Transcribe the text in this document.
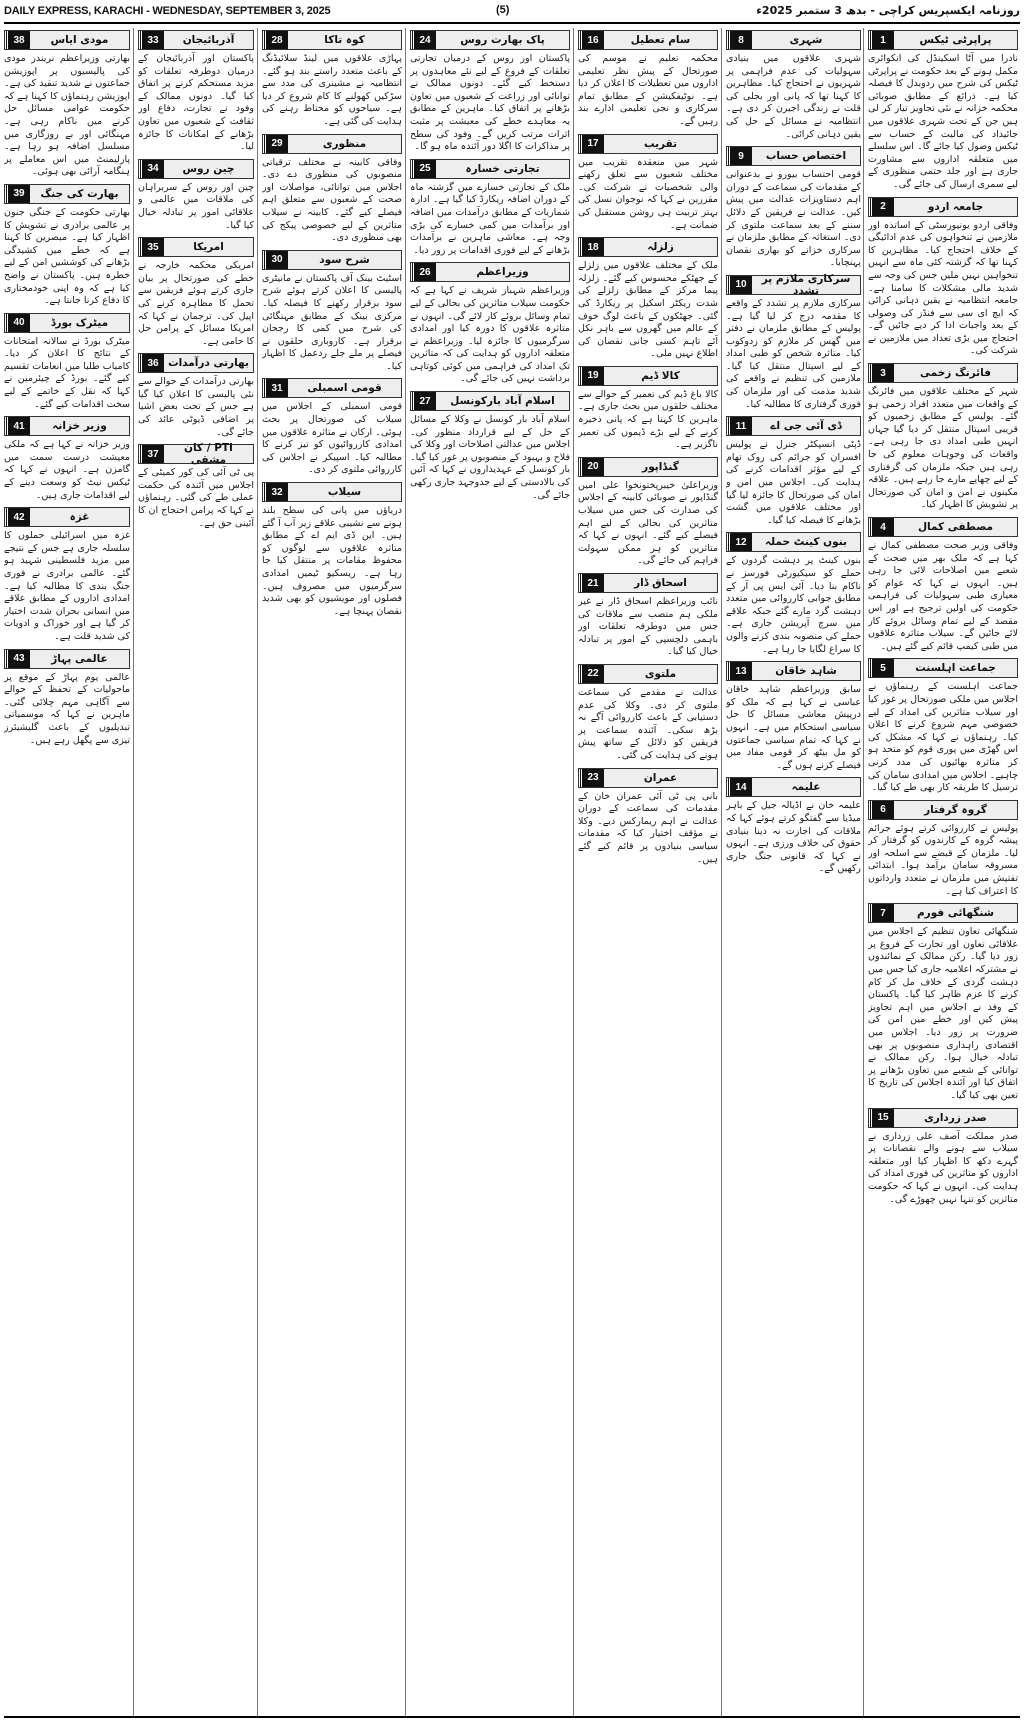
DAILY EXPRESS, KARACHI - WEDNESDAY, SEPTEMBER 3, 2025	(5)	روزنامہ ایکسپریس کراچی - بدھ 3 ستمبر 2025ء
پراپرٹی ٹیکس
1

نادرا میں آٹا اسکینڈل کی انکوائری مکمل ہونے کے بعد حکومت نے پراپرٹی ٹیکس کی شرح میں ردوبدل کا فیصلہ کیا ہے۔ ذرائع کے مطابق صوبائی محکمہ خزانہ نے نئی تجاویز تیار کر لی ہیں جن کے تحت شہری علاقوں میں جائیداد کی مالیت کے حساب سے ٹیکس وصول کیا جائے گا۔ اس سلسلے میں متعلقہ اداروں سے مشاورت جاری ہے اور جلد حتمی منظوری کے لیے سمری ارسال کی جائے گی۔

جامعہ اردو
2

وفاقی اردو یونیورسٹی کے اساتذہ اور ملازمین نے تنخواہوں کی عدم ادائیگی کے خلاف احتجاج کیا۔ مظاہرین کا کہنا تھا کہ گزشتہ کئی ماہ سے انہیں تنخواہیں نہیں ملیں جس کی وجہ سے شدید مالی مشکلات کا سامنا ہے۔ جامعہ انتظامیہ نے یقین دہانی کرائی کہ ایچ ای سی سے فنڈز کی وصولی کے بعد واجبات ادا کر دیے جائیں گے۔ احتجاج میں بڑی تعداد میں ملازمین نے شرکت کی۔

فائرنگ زخمی
3

شہر کے مختلف علاقوں میں فائرنگ کے واقعات میں متعدد افراد زخمی ہو گئے۔ پولیس کے مطابق زخمیوں کو قریبی اسپتال منتقل کر دیا گیا جہاں انہیں طبی امداد دی جا رہی ہے۔ واقعات کی وجوہات معلوم کی جا رہی ہیں جبکہ ملزمان کی گرفتاری کے لیے چھاپے مارے جا رہے ہیں۔ علاقہ مکینوں نے امن و امان کی صورتحال پر تشویش کا اظہار کیا۔

مصطفی کمال
4

وفاقی وزیر صحت مصطفی کمال نے کہا ہے کہ ملک بھر میں صحت کے شعبے میں اصلاحات لائی جا رہی ہیں۔ انہوں نے کہا کہ عوام کو معیاری طبی سہولیات کی فراہمی حکومت کی اولین ترجیح ہے اور اس مقصد کے لیے تمام وسائل بروئے کار لائے جائیں گے۔ سیلاب متاثرہ علاقوں میں طبی کیمپ قائم کیے گئے ہیں۔

جماعت اہلسنت
5

جماعت اہلسنت کے رہنماؤں نے اجلاس میں ملکی صورتحال پر غور کیا اور سیلاب متاثرین کی امداد کے لیے خصوصی مہم شروع کرنے کا اعلان کیا۔ رہنماؤں نے کہا کہ مشکل کی اس گھڑی میں پوری قوم کو متحد ہو کر متاثرہ بھائیوں کی مدد کرنی چاہیے۔ اجلاس میں امدادی سامان کی ترسیل کا طریقہ کار بھی طے کیا گیا۔

گروہ گرفتار
6

پولیس نے کارروائی کرتے ہوئے جرائم پیشہ گروہ کے کارندوں کو گرفتار کر لیا۔ ملزمان کے قبضے سے اسلحہ اور مسروقہ سامان برآمد ہوا۔ ابتدائی تفتیش میں ملزمان نے متعدد وارداتوں کا اعتراف کیا ہے۔

شنگھائی فورم
7

شنگھائی تعاون تنظیم کے اجلاس میں علاقائی تعاون اور تجارت کے فروغ پر زور دیا گیا۔ رکن ممالک کے نمائندوں نے مشترکہ اعلامیہ جاری کیا جس میں دہشت گردی کے خلاف مل کر کام کرنے کا عزم ظاہر کیا گیا۔ پاکستان کے وفد نے اجلاس میں اہم تجاویز پیش کیں اور خطے میں امن کی ضرورت پر زور دیا۔ اجلاس میں اقتصادی راہداری منصوبوں پر بھی تبادلہ خیال ہوا۔ رکن ممالک نے توانائی کے شعبے میں تعاون بڑھانے پر اتفاق کیا اور آئندہ اجلاس کی تاریخ کا تعین بھی کیا گیا۔

صدر زرداری
15

صدر مملکت آصف علی زرداری نے سیلاب سے ہونے والے نقصانات پر گہرے دکھ کا اظہار کیا اور متعلقہ اداروں کو متاثرین کی فوری امداد کی ہدایت کی۔ انہوں نے کہا کہ حکومت متاثرین کو تنہا نہیں چھوڑے گی۔

شہری
8

شہری علاقوں میں بنیادی سہولیات کی عدم فراہمی پر شہریوں نے احتجاج کیا۔ مظاہرین کا کہنا تھا کہ پانی اور بجلی کی قلت نے زندگی اجیرن کر دی ہے۔ انتظامیہ نے مسائل کے حل کی یقین دہانی کرائی۔

اختصاص حساب
9

قومی احتساب بیورو نے بدعنوانی کے مقدمات کی سماعت کے دوران اہم دستاویزات عدالت میں پیش کیں۔ عدالت نے فریقین کے دلائل سننے کے بعد سماعت ملتوی کر دی۔ استغاثہ کے مطابق ملزمان نے سرکاری خزانے کو بھاری نقصان پہنچایا۔

سرکاری ملازم پر تشدد
10

سرکاری ملازم پر تشدد کے واقعے کا مقدمہ درج کر لیا گیا ہے۔ پولیس کے مطابق ملزمان نے دفتر میں گھس کر ملازم کو زدوکوب کیا۔ متاثرہ شخص کو طبی امداد کے لیے اسپتال منتقل کیا گیا۔ ملازمین کی تنظیم نے واقعے کی شدید مذمت کی اور ملزمان کی فوری گرفتاری کا مطالبہ کیا۔

ڈی آئی جی اے
11

ڈپٹی انسپکٹر جنرل نے پولیس افسران کو جرائم کی روک تھام کے لیے مؤثر اقدامات کرنے کی ہدایت کی۔ اجلاس میں امن و امان کی صورتحال کا جائزہ لیا گیا اور مختلف علاقوں میں گشت بڑھانے کا فیصلہ کیا گیا۔

بنوں کینٹ حملہ
12

بنوں کینٹ پر دہشت گردوں کے حملے کو سیکیورٹی فورسز نے ناکام بنا دیا۔ آئی ایس پی آر کے مطابق جوابی کارروائی میں متعدد دہشت گرد مارے گئے جبکہ علاقے میں سرچ آپریشن جاری ہے۔ حملے کی منصوبہ بندی کرنے والوں کا سراغ لگایا جا رہا ہے۔

شاہد خاقان
13

سابق وزیراعظم شاہد خاقان عباسی نے کہا ہے کہ ملک کو درپیش معاشی مسائل کا حل سیاسی استحکام میں ہے۔ انہوں نے کہا کہ تمام سیاسی جماعتوں کو مل بیٹھ کر قومی مفاد میں فیصلے کرنے ہوں گے۔

علیمہ
14

علیمہ خان نے اڈیالہ جیل کے باہر میڈیا سے گفتگو کرتے ہوئے کہا کہ ملاقات کی اجازت نہ دینا بنیادی حقوق کی خلاف ورزی ہے۔ انہوں نے کہا کہ قانونی جنگ جاری رکھیں گے۔

سام تعطیل
16

محکمہ تعلیم نے موسم کی صورتحال کے پیش نظر تعلیمی اداروں میں تعطیلات کا اعلان کر دیا ہے۔ نوٹیفکیشن کے مطابق تمام سرکاری و نجی تعلیمی ادارے بند رہیں گے۔

تقریب
17

شہر میں منعقدہ تقریب میں مختلف شعبوں سے تعلق رکھنے والی شخصیات نے شرکت کی۔ مقررین نے کہا کہ نوجوان نسل کی بہتر تربیت ہی روشن مستقبل کی ضمانت ہے۔

زلزلہ
18

ملک کے مختلف علاقوں میں زلزلے کے جھٹکے محسوس کیے گئے۔ زلزلہ پیما مرکز کے مطابق زلزلے کی شدت ریکٹر اسکیل پر ریکارڈ کی گئی۔ جھٹکوں کے باعث لوگ خوف کے عالم میں گھروں سے باہر نکل آئے تاہم کسی جانی نقصان کی اطلاع نہیں ملی۔

کالا ڈیم
19

کالا باغ ڈیم کی تعمیر کے حوالے سے مختلف حلقوں میں بحث جاری ہے۔ ماہرین کا کہنا ہے کہ پانی ذخیرہ کرنے کے لیے بڑے ڈیموں کی تعمیر ناگزیر ہے۔

گنڈاپور
20

وزیراعلیٰ خیبرپختونخوا علی امین گنڈاپور نے صوبائی کابینہ کے اجلاس کی صدارت کی جس میں سیلاب متاثرین کی بحالی کے لیے اہم فیصلے کیے گئے۔ انہوں نے کہا کہ متاثرین کو ہر ممکن سہولت فراہم کی جائے گی۔

اسحاق ڈار
21

نائب وزیراعظم اسحاق ڈار نے غیر ملکی ہم منصب سے ملاقات کی جس میں دوطرفہ تعلقات اور باہمی دلچسپی کے امور پر تبادلہ خیال کیا گیا۔

ملتوی
22

عدالت نے مقدمے کی سماعت ملتوی کر دی۔ وکلا کی عدم دستیابی کے باعث کارروائی آگے نہ بڑھ سکی۔ آئندہ سماعت پر فریقین کو دلائل کے ساتھ پیش ہونے کی ہدایت کی گئی۔

عمران
23

بانی پی ٹی آئی عمران خان کے مقدمات کی سماعت کے دوران عدالت نے اہم ریمارکس دیے۔ وکلا نے مؤقف اختیار کیا کہ مقدمات سیاسی بنیادوں پر قائم کیے گئے ہیں۔

پاک بھارت روس
24

پاکستان اور روس کے درمیان تجارتی تعلقات کے فروغ کے لیے نئے معاہدوں پر دستخط کیے گئے۔ دونوں ممالک نے توانائی اور زراعت کے شعبوں میں تعاون بڑھانے پر اتفاق کیا۔ ماہرین کے مطابق یہ معاہدے خطے کی معیشت پر مثبت اثرات مرتب کریں گے۔ وفود کی سطح پر مذاکرات کا اگلا دور آئندہ ماہ ہو گا۔

تجارتی خسارہ
25

ملک کے تجارتی خسارے میں گزشتہ ماہ کے دوران اضافہ ریکارڈ کیا گیا ہے۔ ادارہ شماریات کے مطابق درآمدات میں اضافہ اور برآمدات میں کمی خسارے کی بڑی وجہ ہے۔ معاشی ماہرین نے برآمدات بڑھانے کے لیے فوری اقدامات پر زور دیا۔

وزیراعظم
26

وزیراعظم شہباز شریف نے کہا ہے کہ حکومت سیلاب متاثرین کی بحالی کے لیے تمام وسائل بروئے کار لائے گی۔ انہوں نے متاثرہ علاقوں کا دورہ کیا اور امدادی سرگرمیوں کا جائزہ لیا۔ وزیراعظم نے متعلقہ اداروں کو ہدایت کی کہ متاثرین تک امداد کی فراہمی میں کوئی کوتاہی برداشت نہیں کی جائے گی۔

اسلام آباد بارکونسل
27

اسلام آباد بار کونسل نے وکلا کے مسائل کے حل کے لیے قرارداد منظور کی۔ اجلاس میں عدالتی اصلاحات اور وکلا کی فلاح و بہبود کے منصوبوں پر غور کیا گیا۔ بار کونسل کے عہدیداروں نے کہا کہ آئین کی بالادستی کے لیے جدوجہد جاری رکھی جائے گی۔

کوہ تاکا
28

پہاڑی علاقوں میں لینڈ سلائیڈنگ کے باعث متعدد راستے بند ہو گئے۔ انتظامیہ نے مشینری کی مدد سے سڑکیں کھولنے کا کام شروع کر دیا ہے۔ سیاحوں کو محتاط رہنے کی ہدایت کی گئی ہے۔

منظوری
29

وفاقی کابینہ نے مختلف ترقیاتی منصوبوں کی منظوری دے دی۔ اجلاس میں توانائی، مواصلات اور صحت کے شعبوں سے متعلق اہم فیصلے کیے گئے۔ کابینہ نے سیلاب متاثرین کے لیے خصوصی پیکج کی بھی منظوری دی۔

شرح سود
30

اسٹیٹ بینک آف پاکستان نے مانیٹری پالیسی کا اعلان کرتے ہوئے شرح سود برقرار رکھنے کا فیصلہ کیا۔ مرکزی بینک کے مطابق مہنگائی کی شرح میں کمی کا رجحان برقرار ہے۔ کاروباری حلقوں نے فیصلے پر ملے جلے ردعمل کا اظہار کیا۔

قومی اسمبلی
31

قومی اسمبلی کے اجلاس میں سیلاب کی صورتحال پر بحث ہوئی۔ ارکان نے متاثرہ علاقوں میں امدادی کارروائیوں کو تیز کرنے کا مطالبہ کیا۔ اسپیکر نے اجلاس کی کارروائی ملتوی کر دی۔

سیلاب
32

دریاؤں میں پانی کی سطح بلند ہونے سے نشیبی علاقے زیر آب آ گئے ہیں۔ این ڈی ایم اے کے مطابق متاثرہ علاقوں سے لوگوں کو محفوظ مقامات پر منتقل کیا جا رہا ہے۔ ریسکیو ٹیمیں امدادی سرگرمیوں میں مصروف ہیں۔ فصلوں اور مویشیوں کو بھی شدید نقصان پہنچا ہے۔

آذربائیجان
33

پاکستان اور آذربائیجان کے درمیان دوطرفہ تعلقات کو مزید مستحکم کرنے پر اتفاق کیا گیا۔ دونوں ممالک کے وفود نے تجارت، دفاع اور ثقافت کے شعبوں میں تعاون بڑھانے کے امکانات کا جائزہ لیا۔

چین روس
34

چین اور روس کے سربراہان کی ملاقات میں عالمی و علاقائی امور پر تبادلہ خیال کیا گیا۔

امریکا
35

امریکی محکمہ خارجہ نے خطے کی صورتحال پر بیان جاری کرتے ہوئے فریقین سے تحمل کا مظاہرہ کرنے کی اپیل کی۔ ترجمان نے کہا کہ امریکا مسائل کے پرامن حل کا حامی ہے۔

بھارتی درآمدات
36

بھارتی درآمدات کے حوالے سے نئی پالیسی کا اعلان کیا گیا ہے جس کے تحت بعض اشیا پر اضافی ڈیوٹی عائد کی جائے گی۔

PTI / کان مشقی
37

پی ٹی آئی کی کور کمیٹی کے اجلاس میں آئندہ کی حکمت عملی طے کی گئی۔ رہنماؤں نے کہا کہ پرامن احتجاج ان کا آئینی حق ہے۔

مودی ایاس
38

بھارتی وزیراعظم نریندر مودی کی پالیسیوں پر اپوزیشن جماعتوں نے شدید تنقید کی ہے۔ اپوزیشن رہنماؤں کا کہنا ہے کہ حکومت عوامی مسائل حل کرنے میں ناکام رہی ہے۔ مہنگائی اور بے روزگاری میں مسلسل اضافہ ہو رہا ہے۔ پارلیمنٹ میں اس معاملے پر ہنگامہ آرائی بھی ہوئی۔

بھارت کی جنگ
39

بھارتی حکومت کے جنگی جنون پر عالمی برادری نے تشویش کا اظہار کیا ہے۔ مبصرین کا کہنا ہے کہ خطے میں کشیدگی بڑھانے کی کوششیں امن کے لیے خطرہ ہیں۔ پاکستان نے واضح کیا ہے کہ وہ اپنی خودمختاری کا دفاع کرنا جانتا ہے۔

میٹرک بورڈ
40

میٹرک بورڈ نے سالانہ امتحانات کے نتائج کا اعلان کر دیا۔ کامیاب طلبا میں انعامات تقسیم کیے گئے۔ بورڈ کے چیئرمین نے کہا کہ نقل کے خاتمے کے لیے سخت اقدامات کیے گئے۔

وزیر خزانہ
41

وزیر خزانہ نے کہا ہے کہ ملکی معیشت درست سمت میں گامزن ہے۔ انہوں نے کہا کہ ٹیکس نیٹ کو وسعت دینے کے لیے اقدامات جاری ہیں۔

غزہ
42

غزہ میں اسرائیلی حملوں کا سلسلہ جاری ہے جس کے نتیجے میں مزید فلسطینی شہید ہو گئے۔ عالمی برادری نے فوری جنگ بندی کا مطالبہ کیا ہے۔ امدادی اداروں کے مطابق علاقے میں انسانی بحران شدت اختیار کر گیا ہے اور خوراک و ادویات کی شدید قلت ہے۔

عالمی پہاڑ
43

عالمی یوم پہاڑ کے موقع پر ماحولیات کے تحفظ کے حوالے سے آگاہی مہم چلائی گئی۔ ماہرین نے کہا کہ موسمیاتی تبدیلیوں کے باعث گلیشیئرز تیزی سے پگھل رہے ہیں۔
